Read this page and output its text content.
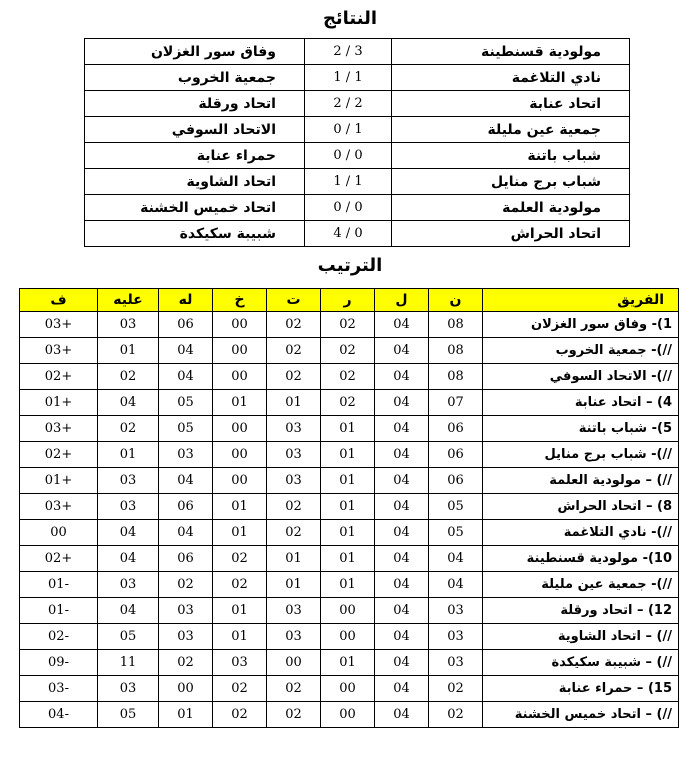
النتائج
مولودية قسنطينة	3 / 2	وفاق سور الغزلان
نادي التلاغمة	1 / 1	جمعية الخروب
اتحاد عنابة	2 / 2	اتحاد ورقلة
جمعية عين مليلة	1 / 0	الاتحاد السوفي
شباب باتنة	0 / 0	حمراء عنابة
شباب برج منايل	1 / 1	اتحاد الشاوية
مولودية العلمة	0 / 0	اتحاد خميس الخشنة
اتحاد الحراش	0 / 4	شبيبة سكيكدة
الترتيب
الفريق	ن	ل	ر	ت	خ	له	عليه	ف
1)- وفاق سور الغزلان	08	04	02	02	00	06	03	+03
//)- جمعية الخروب	08	04	02	02	00	04	01	+03
//)- الاتحاد السوفي	08	04	02	02	00	04	02	+02
4) – اتحاد عنابة	07	04	02	01	01	05	04	+01
5)- شباب باتنة	06	04	01	03	00	05	02	+03
//)- شباب برج منايل	06	04	01	03	00	03	01	+02
//) – مولودية العلمة	06	04	01	03	00	04	03	+01
8) – اتحاد الحراش	05	04	01	02	01	06	03	+03
//)- نادي التلاغمة	05	04	01	02	01	04	04	00
10)- مولودية قسنطينة	04	04	01	01	02	06	04	+02
//)- جمعية عين مليلة	04	04	01	01	02	02	03	-01
12) – اتحاد ورقلة	03	04	00	03	01	03	04	-01
//) – اتحاد الشاوية	03	04	00	03	01	03	05	-02
//) – شبيبة سكيكدة	03	04	01	00	03	02	11	-09
15) – حمراء عنابة	02	04	00	02	02	00	03	-03
//) – اتحاد خميس الخشنة	02	04	00	02	02	01	05	-04
